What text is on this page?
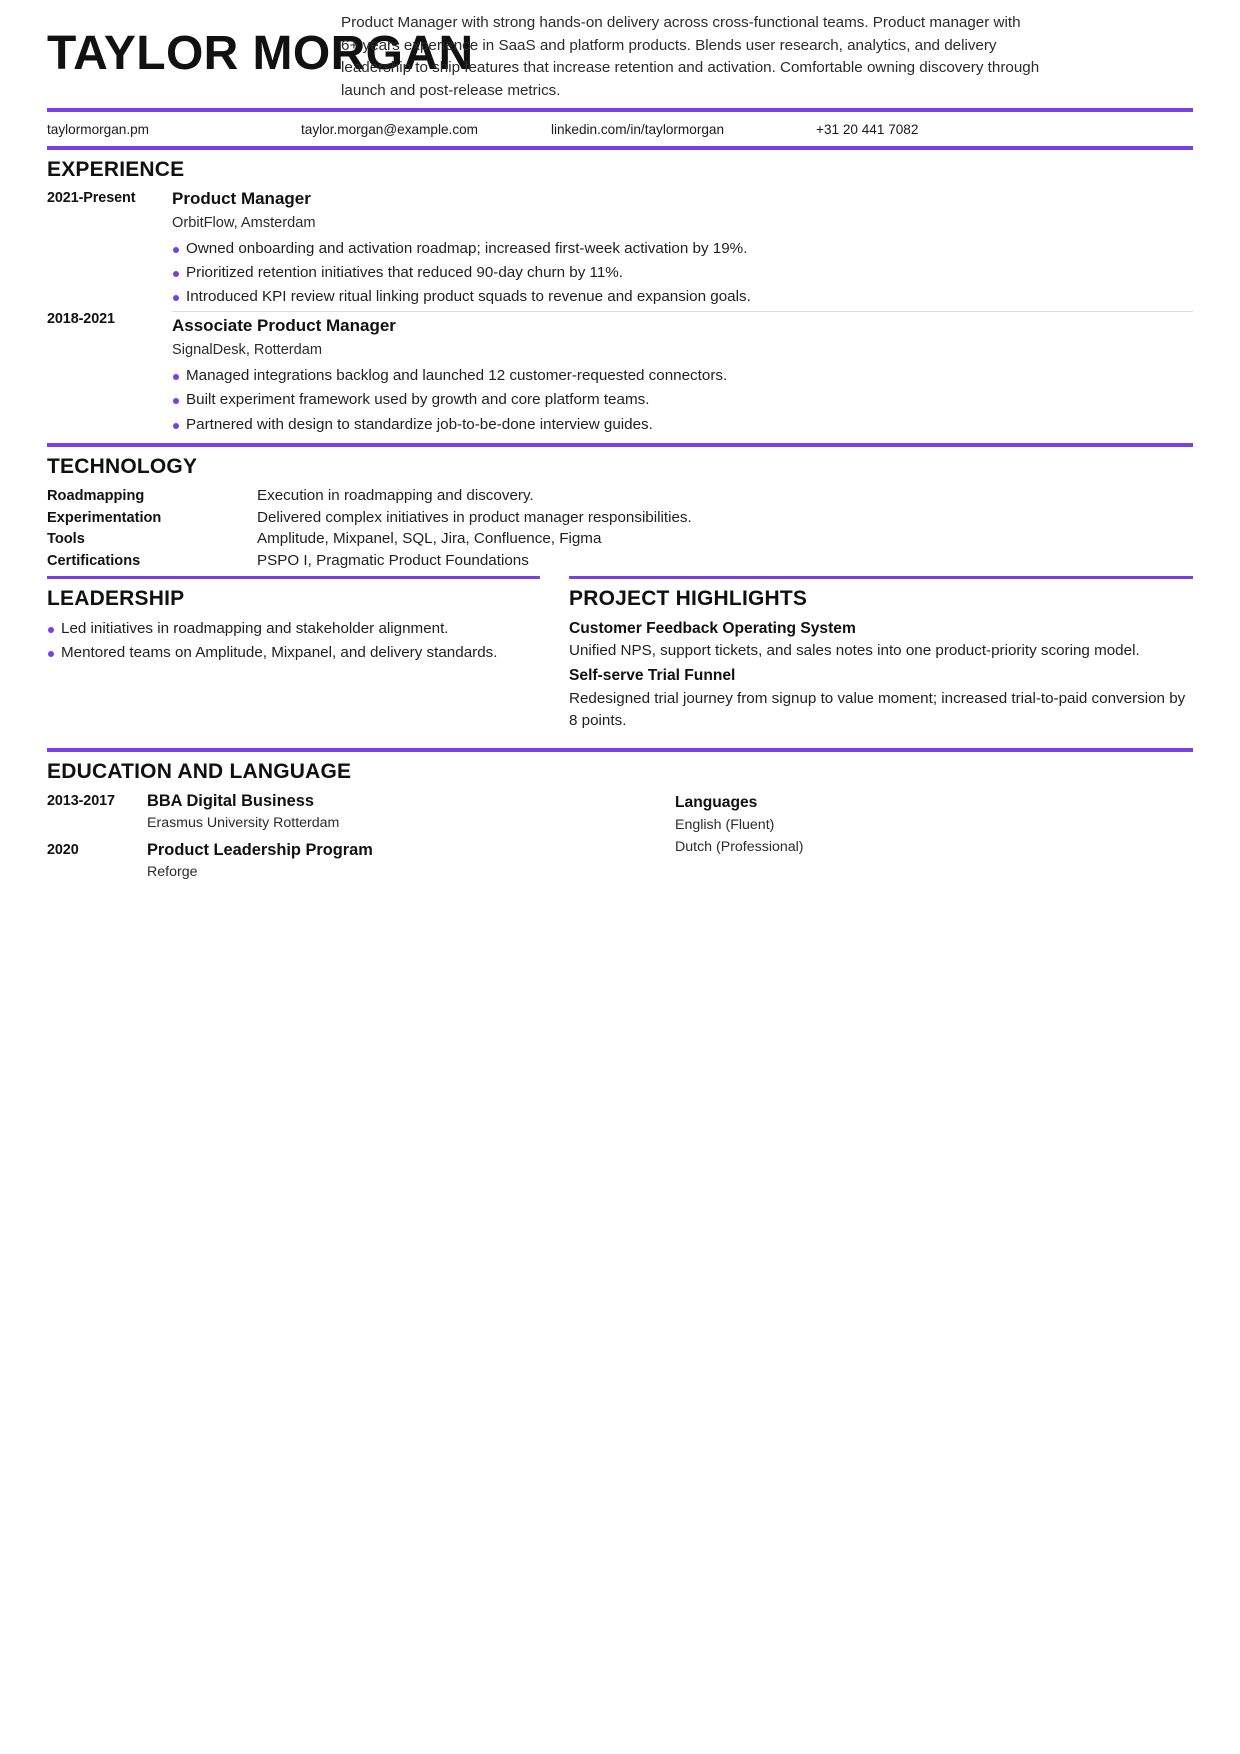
TAYLOR MORGAN
Product Manager with strong hands-on delivery across cross-functional teams. Product manager with 6+ years experience in SaaS and platform products. Blends user research, analytics, and delivery leadership to ship features that increase retention and activation. Comfortable owning discovery through launch and post-release metrics.
taylormorgan.pm	taylor.morgan@example.com	linkedin.com/in/taylormorgan	+31 20 441 7082
EXPERIENCE
2021-Present	Product Manager
OrbitFlow, Amsterdam
Owned onboarding and activation roadmap; increased first-week activation by 19%.
Prioritized retention initiatives that reduced 90-day churn by 11%.
Introduced KPI review ritual linking product squads to revenue and expansion goals.
2018-2021	Associate Product Manager
SignalDesk, Rotterdam
Managed integrations backlog and launched 12 customer-requested connectors.
Built experiment framework used by growth and core platform teams.
Partnered with design to standardize job-to-be-done interview guides.
TECHNOLOGY
Roadmapping	Execution in roadmapping and discovery.
Experimentation	Delivered complex initiatives in product manager responsibilities.
Tools	Amplitude, Mixpanel, SQL, Jira, Confluence, Figma
Certifications	PSPO I, Pragmatic Product Foundations
LEADERSHIP
Led initiatives in roadmapping and stakeholder alignment.
Mentored teams on Amplitude, Mixpanel, and delivery standards.
PROJECT HIGHLIGHTS
Customer Feedback Operating System
Unified NPS, support tickets, and sales notes into one product-priority scoring model.
Self-serve Trial Funnel
Redesigned trial journey from signup to value moment; increased trial-to-paid conversion by 8 points.
EDUCATION AND LANGUAGE
2013-2017	BBA Digital Business
Erasmus University Rotterdam
2020	Product Leadership Program
Reforge
Languages
English (Fluent)
Dutch (Professional)
